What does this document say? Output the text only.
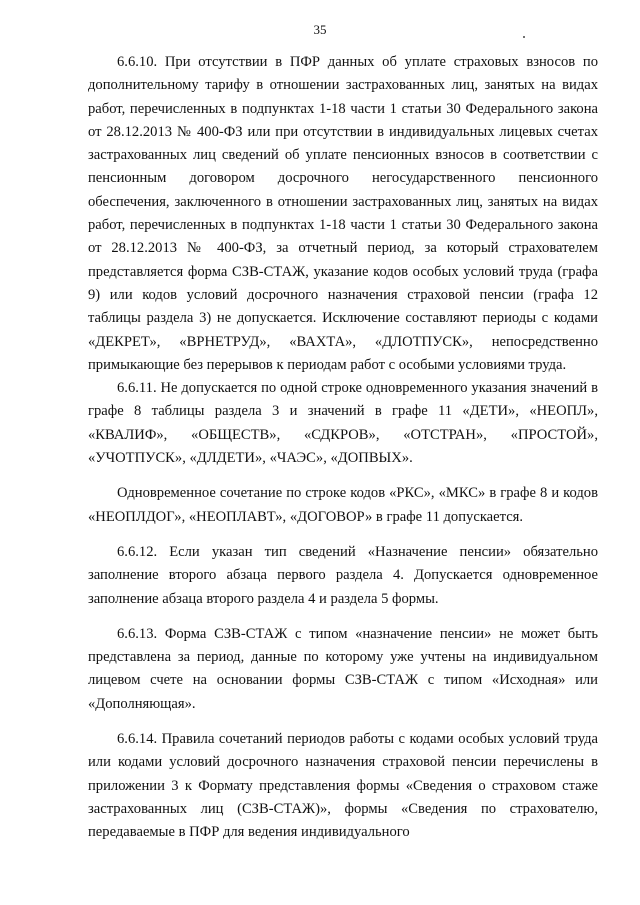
35

6.6.10. При отсутствии в ПФР данных об уплате страховых взносов по дополнительному тарифу в отношении застрахованных лиц, занятых на видах работ, перечисленных в подпунктах 1-18 части 1 статьи 30 Федерального закона от 28.12.2013 № 400-ФЗ или при отсутствии в индивидуальных лицевых счетах застрахованных лиц сведений об уплате пенсионных взносов в соответствии с пенсионным договором досрочного негосударственного пенсионного обеспечения, заключенного в отношении застрахованных лиц, занятых на видах работ, перечисленных в подпунктах 1-18 части 1 статьи 30 Федерального закона от 28.12.2013 № 400-ФЗ, за отчетный период, за который страхователем представляется форма СЗВ-СТАЖ, указание кодов особых условий труда (графа 9) или кодов условий досрочного назначения страховой пенсии (графа 12 таблицы раздела 3) не допускается. Исключение составляют периоды с кодами «ДЕКРЕТ», «ВРНЕТРУД», «ВАХТА», «ДЛОТПУСК», непосредственно примыкающие без перерывов к периодам работ с особыми условиями труда.

6.6.11. Не допускается по одной строке одновременного указания значений в графе 8 таблицы раздела 3 и значений в графе 11 «ДЕТИ», «НЕОПЛ», «КВАЛИФ», «ОБЩЕСТВ», «СДКРОВ», «ОТСТРАН», «ПРОСТОЙ», «УЧОТПУСК», «ДЛДЕТИ», «ЧАЭС», «ДОПВЫХ».

Одновременное сочетание по строке кодов «РКС», «МКС» в графе 8 и кодов «НЕОПЛДОГ», «НЕОПЛАВТ», «ДОГОВОР» в графе 11 допускается.

6.6.12. Если указан тип сведений «Назначение пенсии» обязательно заполнение второго абзаца первого раздела 4. Допускается одновременное заполнение абзаца второго раздела 4 и раздела 5 формы.

6.6.13. Форма СЗВ-СТАЖ с типом «назначение пенсии» не может быть представлена за период, данные по которому уже учтены на индивидуальном лицевом счете на основании формы СЗВ-СТАЖ с типом «Исходная» или «Дополняющая».

6.6.14. Правила сочетаний периодов работы с кодами особых условий труда или кодами условий досрочного назначения страховой пенсии перечислены в приложении 3 к Формату представления формы «Сведения о страховом стаже застрахованных лиц (СЗВ-СТАЖ)», формы «Сведения по страхователю, передаваемые в ПФР для ведения индивидуального
